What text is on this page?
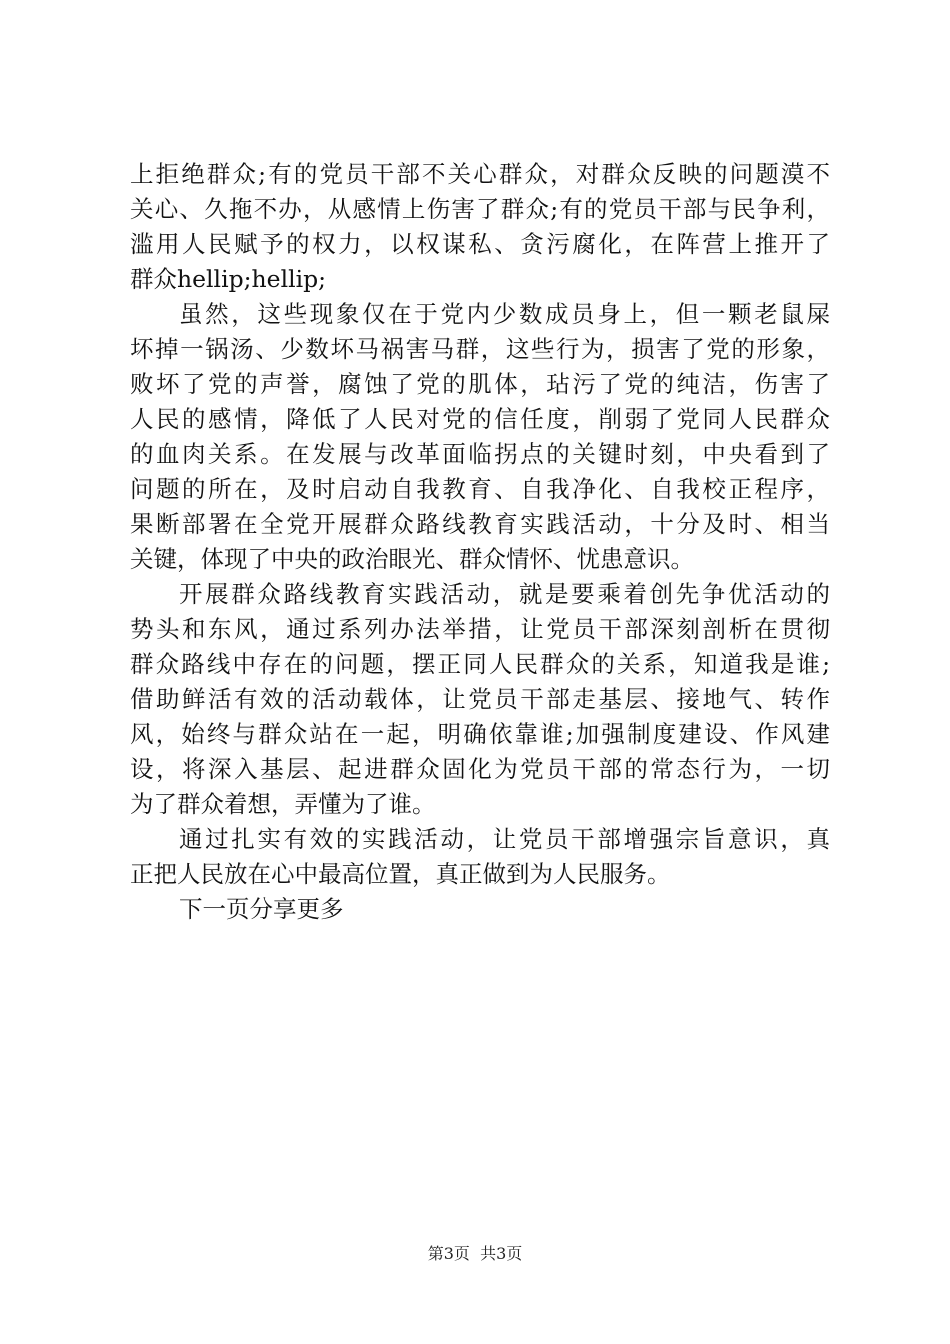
上拒绝群众;有的党员干部不关心群众，对群众反映的问题漠不
关心、久拖不办，从感情上伤害了群众;有的党员干部与民争利，
滥用人民赋予的权力，以权谋私、贪污腐化，在阵营上推开了
群众hellip;hellip;
虽然，这些现象仅在于党内少数成员身上，但一颗老鼠屎
坏掉一锅汤、少数坏马祸害马群，这些行为，损害了党的形象，
败坏了党的声誉，腐蚀了党的肌体，玷污了党的纯洁，伤害了
人民的感情，降低了人民对党的信任度，削弱了党同人民群众
的血肉关系。在发展与改革面临拐点的关键时刻，中央看到了
问题的所在，及时启动自我教育、自我净化、自我校正程序，
果断部署在全党开展群众路线教育实践活动，十分及时、相当
关键，体现了中央的政治眼光、群众情怀、忧患意识。
开展群众路线教育实践活动，就是要乘着创先争优活动的
势头和东风，通过系列办法举措，让党员干部深刻剖析在贯彻
群众路线中存在的问题，摆正同人民群众的关系，知道我是谁;
借助鲜活有效的活动载体，让党员干部走基层、接地气、转作
风，始终与群众站在一起，明确依靠谁;加强制度建设、作风建
设，将深入基层、起进群众固化为党员干部的常态行为，一切
为了群众着想，弄懂为了谁。
通过扎实有效的实践活动，让党员干部增强宗旨意识，真
正把人民放在心中最高位置，真正做到为人民服务。
下一页分享更多
第3页  共3页
